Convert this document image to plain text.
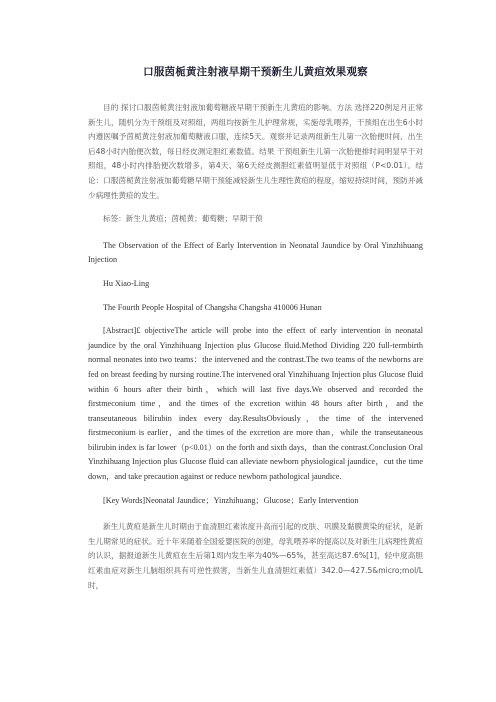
口服茵栀黄注射液早期干预新生儿黄疸效果观察

目的 探讨口服茵栀黄注射液加葡萄糖液早期干预新生儿黄疸的影响。方法 选择220例足月正常新生儿，随机分为干预组及对照组，两组均按新生儿护理常规，实施母乳喂养，干预组在出生6小时内遵医嘱予茵栀黄注射液加葡萄糖液口服，连续5天。观察并记录两组新生儿第一次胎便时间、出生后48小时内胎便次数，每日经皮测定胆红素数值。结果 干预组新生儿第一次胎便排时间明显早于对照组，48小时内排胎便次数增多，第4天、第6天经皮测胆红素值明显低于对照组（P<0.01）。结论：口服茵栀黄注射液加葡萄糖早期干预能减轻新生儿生理性黄疸的程度，缩短持续时间，预防并减少病理性黄疸的发生。

标签：新生儿黄疸；茵栀黄；葡萄糖；早期干预

The Observation of the Effect of Early Intervention in Neonatal Jaundice by Oral Yinzhihuang Injection

Hu Xiao-Ling

The Fourth People Hospital of Changsha Changsha 410006 Hunan

[Abstract]£ objectiveThe article will probe into the effect of early intervention in neonatal jaundice by the oral Yinzhihuang Injection plus Glucose fluid.Method Dividing 220 full-termbirth normal neonates into two teams：the intervened and the contrast.The two teams of the newborns are fed on breast feeding by nursing routine.The intervened oral Yinzhihuang Injection plus Glucose fluid within 6 hours after their birth，which will last five days.We observed and recorded the firstmeconium time，and the times of the excretion within 48 hours after birth，and the transeutaneous bilirubin index every day.ResultsObviously，the time of the intervened firstmeconium is earlier，and the times of the excretion are more than，while the transeutaneous bilirubin index is far lower（p<0.01）on the forth and sixth days，than the contrast.Conclusion Oral Yinzhihuang Injection plus Glucose fluid can alleviate newborn physiological jaundice，cut the time down，and take precaution against or reduce newborn pathological jaundice.

[Key Words]Neonatal Jaundice；Yinzhihuang；Glucose；Early Intervention

新生儿黄疸是新生儿时期由于血清胆红素浓度升高而引起的皮肤、巩膜及黏膜黄染的症状，是新生儿期常见的症状。近十年来随着全国爱婴医院的创建，母乳喂养率的提高以及对新生儿病理性黄疸的认识，据报道新生儿黄疸在生后第1周内发生率为40%—65%，甚至高达87.6%[1]，轻中度高胆红素血症对新生儿脑组织具有可逆性损害，当新生儿血清胆红素值）342.0—427.5&micro;mol/L时，
